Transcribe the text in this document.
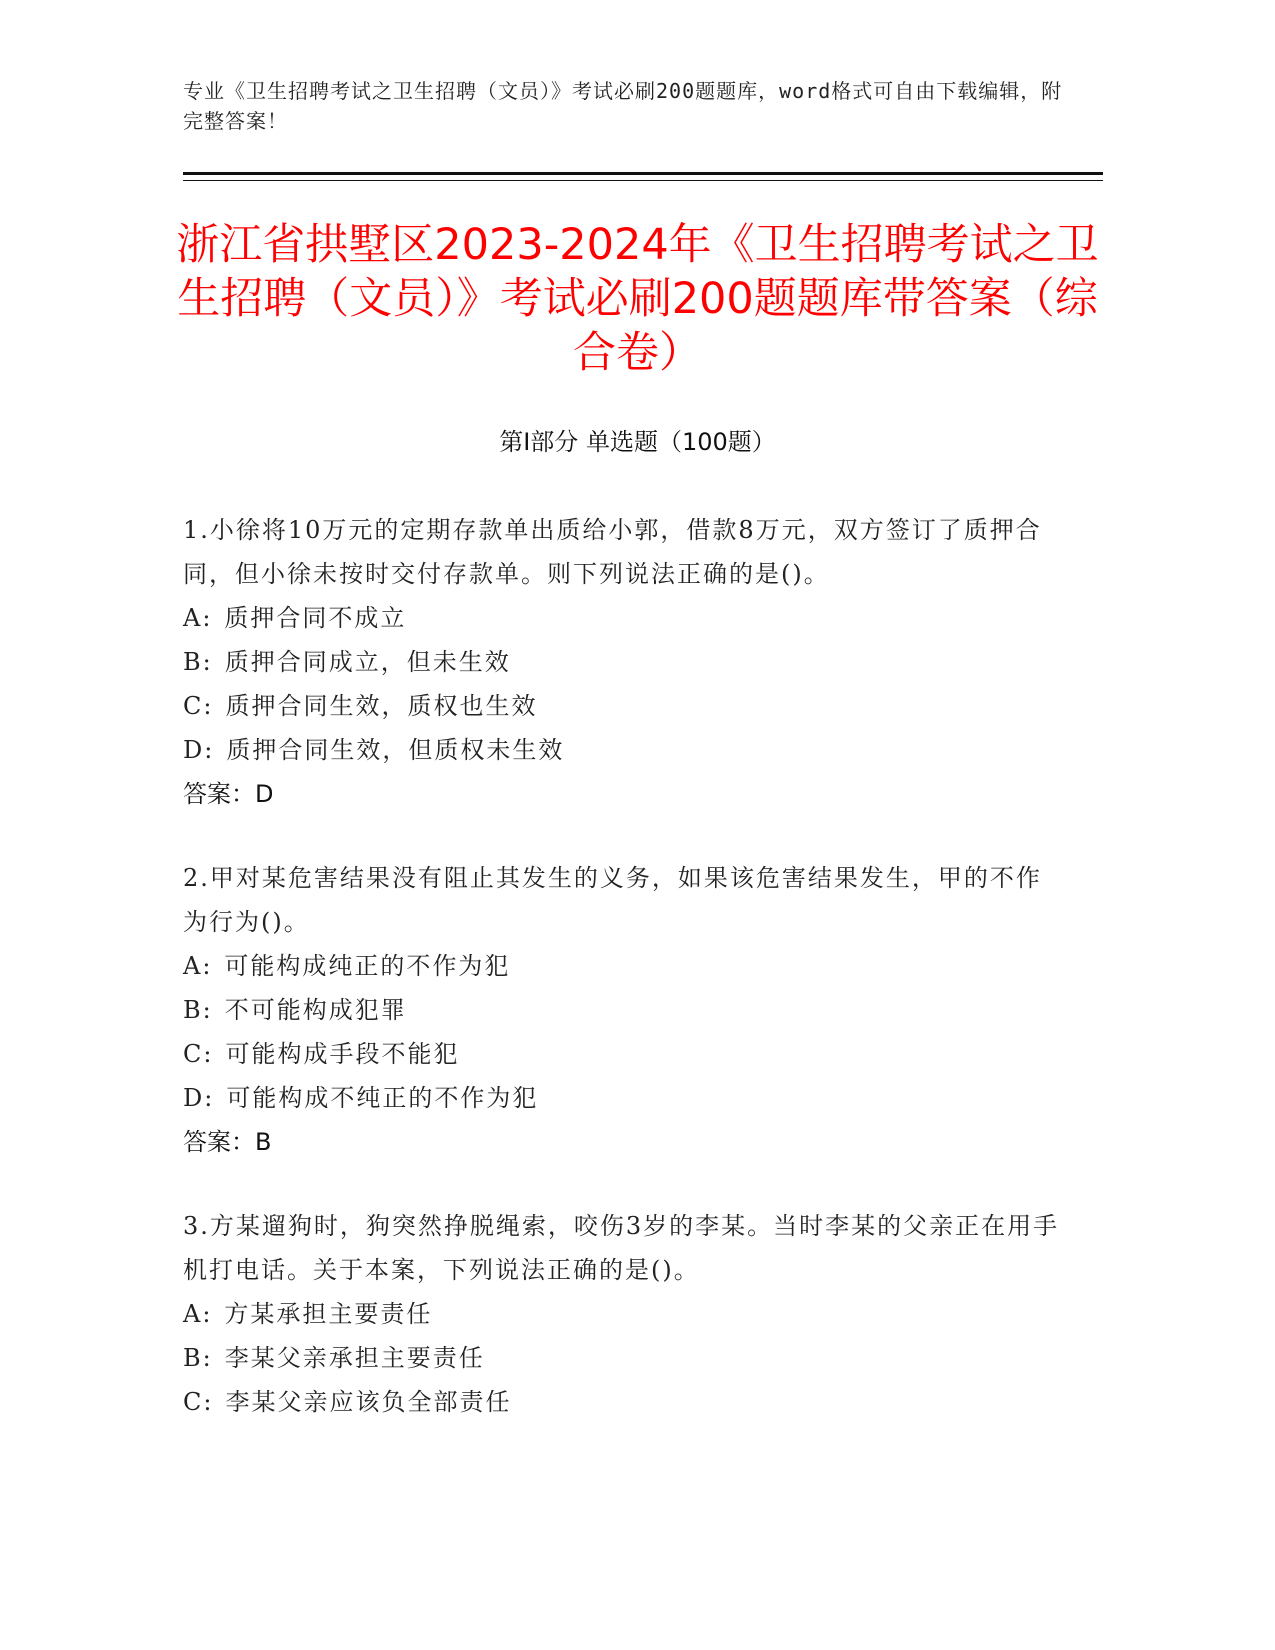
专业《卫生招聘考试之卫生招聘（文员）》考试必刷200题题库，word格式可自由下载编辑，附完整答案！
浙江省拱墅区2023-2024年《卫生招聘考试之卫生招聘（文员）》考试必刷200题题库带答案（综合卷）
第I部分 单选题（100题）
1.小徐将10万元的定期存款单出质给小郭，借款8万元，双方签订了质押合同，但小徐未按时交付存款单。则下列说法正确的是()。
A: 质押合同不成立
B: 质押合同成立，但未生效
C: 质押合同生效，质权也生效
D: 质押合同生效，但质权未生效
答案：D
2.甲对某危害结果没有阻止其发生的义务，如果该危害结果发生，甲的不作为行为()。
A: 可能构成纯正的不作为犯
B: 不可能构成犯罪
C: 可能构成手段不能犯
D: 可能构成不纯正的不作为犯
答案：B
3.方某遛狗时，狗突然挣脱绳索，咬伤3岁的李某。当时李某的父亲正在用手机打电话。关于本案，下列说法正确的是()。
A: 方某承担主要责任
B: 李某父亲承担主要责任
C: 李某父亲应该负全部责任
